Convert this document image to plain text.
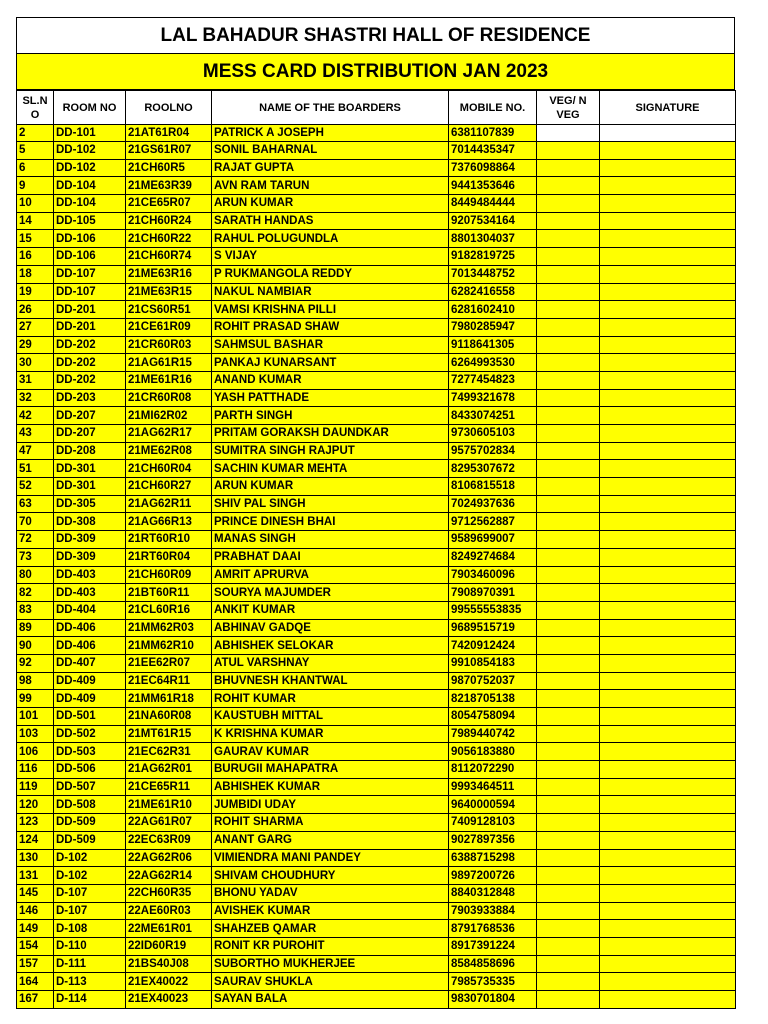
LAL BAHADUR SHASTRI HALL OF RESIDENCE
MESS CARD DISTRIBUTION JAN 2023
SL.N O	ROOM NO	ROOLNO	NAME OF THE BOARDERS	MOBILE NO.	VEG/ N VEG	SIGNATURE
2	DD-101	21AT61R04	PATRICK A JOSEPH	6381107839		
5	DD-102	21GS61R07	SONIL BAHARNAL	7014435347		
6	DD-102	21CH60R5	RAJAT GUPTA	7376098864		
9	DD-104	21ME63R39	AVN RAM TARUN	9441353646		
10	DD-104	21CE65R07	ARUN KUMAR	8449484444		
14	DD-105	21CH60R24	SARATH HANDAS	9207534164		
15	DD-106	21CH60R22	RAHUL POLUGUNDLA	8801304037		
16	DD-106	21CH60R74	S VIJAY	9182819725		
18	DD-107	21ME63R16	P RUKMANGOLA REDDY	7013448752		
19	DD-107	21ME63R15	NAKUL NAMBIAR	6282416558		
26	DD-201	21CS60R51	VAMSI KRISHNA PILLI	6281602410		
27	DD-201	21CE61R09	ROHIT PRASAD SHAW	7980285947		
29	DD-202	21CR60R03	SAHMSUL BASHAR	9118641305		
30	DD-202	21AG61R15	PANKAJ KUNARSANT	6264993530		
31	DD-202	21ME61R16	ANAND KUMAR	7277454823		
32	DD-203	21CR60R08	YASH PATTHADE	7499321678		
42	DD-207	21MI62R02	PARTH SINGH	8433074251		
43	DD-207	21AG62R17	PRITAM GORAKSH DAUNDKAR	9730605103		
47	DD-208	21ME62R08	SUMITRA SINGH RAJPUT	9575702834		
51	DD-301	21CH60R04	SACHIN KUMAR MEHTA	8295307672		
52	DD-301	21CH60R27	ARUN KUMAR	8106815518		
63	DD-305	21AG62R11	SHIV PAL SINGH	7024937636		
70	DD-308	21AG66R13	PRINCE DINESH BHAI	9712562887		
72	DD-309	21RT60R10	MANAS SINGH	9589699007		
73	DD-309	21RT60R04	PRABHAT DAAI	8249274684		
80	DD-403	21CH60R09	AMRIT APRURVA	7903460096		
82	DD-403	21BT60R11	SOURYA MAJUMDER	7908970391		
83	DD-404	21CL60R16	ANKIT KUMAR	99555553835		
89	DD-406	21MM62R03	ABHINAV GADQE	9689515719		
90	DD-406	21MM62R10	ABHISHEK SELOKAR	7420912424		
92	DD-407	21EE62R07	ATUL VARSHNAY	9910854183		
98	DD-409	21EC64R11	BHUVNESH KHANTWAL	9870752037		
99	DD-409	21MM61R18	ROHIT KUMAR	8218705138		
101	DD-501	21NA60R08	KAUSTUBH MITTAL	8054758094		
103	DD-502	21MT61R15	K KRISHNA KUMAR	7989440742		
106	DD-503	21EC62R31	GAURAV KUMAR	9056183880		
116	DD-506	21AG62R01	BURUGII MAHAPATRA	8112072290		
119	DD-507	21CE65R11	ABHISHEK KUMAR	9993464511		
120	DD-508	21ME61R10	JUMBIDI UDAY	9640000594		
123	DD-509	22AG61R07	ROHIT SHARMA	7409128103		
124	DD-509	22EC63R09	ANANT GARG	9027897356		
130	D-102	22AG62R06	VIMIENDRA MANI PANDEY	6388715298		
131	D-102	22AG62R14	SHIVAM CHOUDHURY	9897200726		
145	D-107	22CH60R35	BHONU YADAV	8840312848		
146	D-107	22AE60R03	AVISHEK KUMAR	7903933884		
149	D-108	22ME61R01	SHAHZEB QAMAR	8791768536		
154	D-110	22ID60R19	RONIT KR PUROHIT	8917391224		
157	D-111	21BS40J08	SUBORTHO MUKHERJEE	8584858696		
164	D-113	21EX40022	SAURAV SHUKLA	7985735335		
167	D-114	21EX40023	SAYAN BALA	9830701804		
